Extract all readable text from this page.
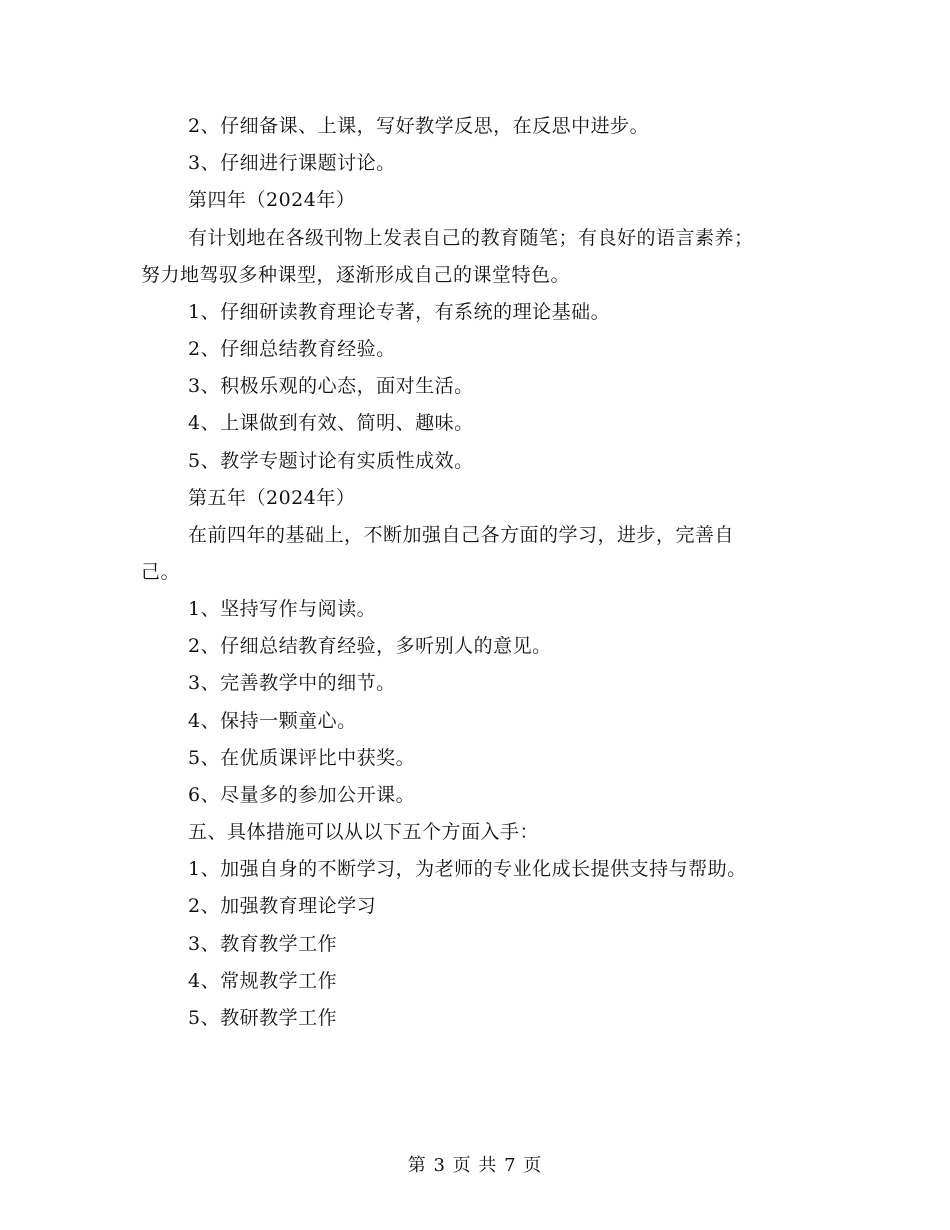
2、仔细备课、上课，写好教学反思，在反思中进步。
3、仔细进行课题讨论。
第四年（2024年）
有计划地在各级刊物上发表自己的教育随笔；有良好的语言素养；
努力地驾驭多种课型，逐渐形成自己的课堂特色。
1、仔细研读教育理论专著，有系统的理论基础。
2、仔细总结教育经验。
3、积极乐观的心态，面对生活。
4、上课做到有效、简明、趣味。
5、教学专题讨论有实质性成效。
第五年（2024年）
在前四年的基础上，不断加强自己各方面的学习，进步，完善自
己。
1、坚持写作与阅读。
2、仔细总结教育经验，多听别人的意见。
3、完善教学中的细节。
4、保持一颗童心。
5、在优质课评比中获奖。
6、尽量多的参加公开课。
五、具体措施可以从以下五个方面入手：
1、加强自身的不断学习，为老师的专业化成长提供支持与帮助。
2、加强教育理论学习
3、教育教学工作
4、常规教学工作
5、教研教学工作
第 3 页 共 7 页
